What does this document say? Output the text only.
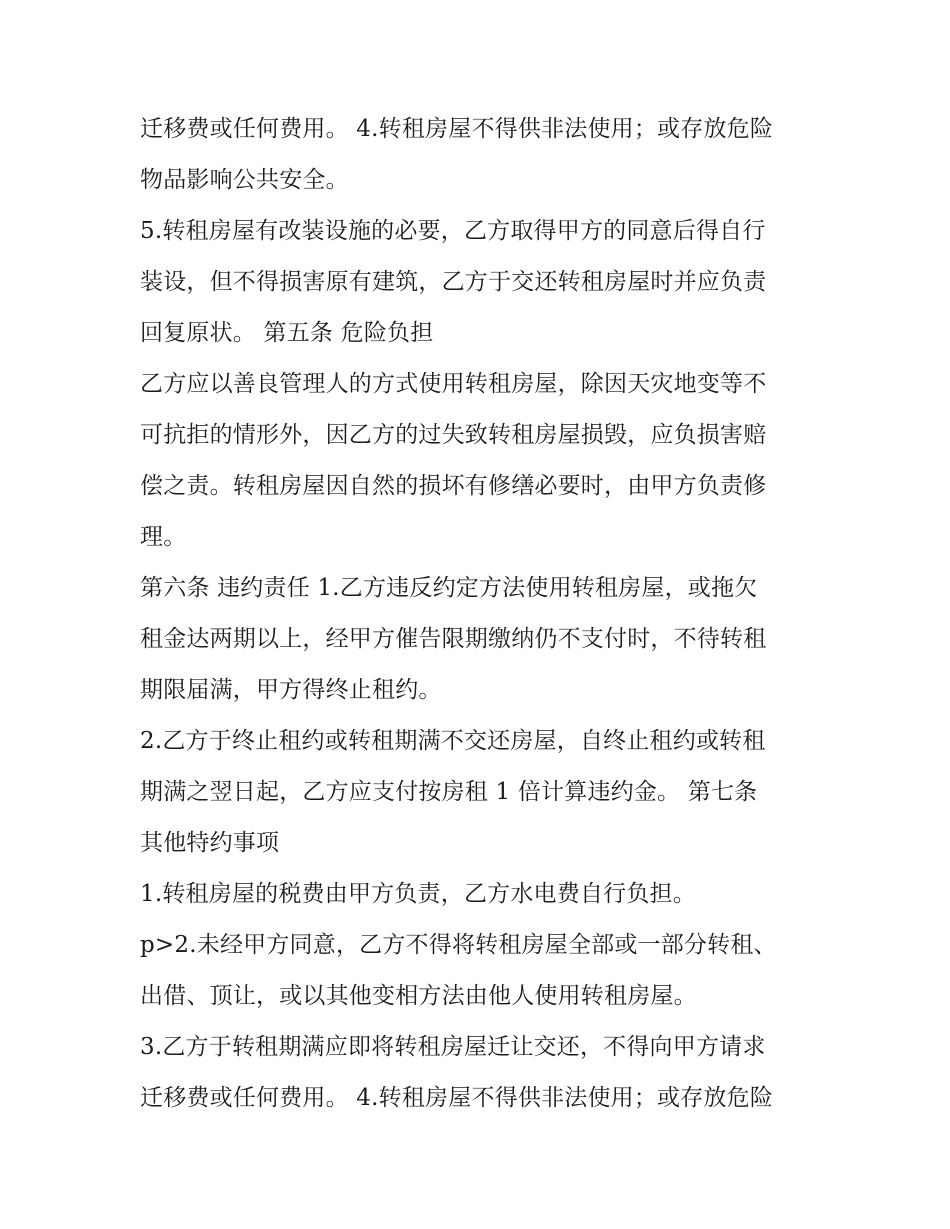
迁移费或任何费用。 4.转租房屋不得供非法使用；或存放危险
物品影响公共安全。

5.转租房屋有改装设施的必要，乙方取得甲方的同意后得自行
装设，但不得损害原有建筑，乙方于交还转租房屋时并应负责
回复原状。 第五条 危险负担

乙方应以善良管理人的方式使用转租房屋，除因天灾地变等不
可抗拒的情形外，因乙方的过失致转租房屋损毁，应负损害赔
偿之责。转租房屋因自然的损坏有修缮必要时，由甲方负责修
理。

第六条 违约责任 1.乙方违反约定方法使用转租房屋，或拖欠
租金达两期以上，经甲方催告限期缴纳仍不支付时，不待转租
期限届满，甲方得终止租约。

2.乙方于终止租约或转租期满不交还房屋，自终止租约或转租
期满之翌日起，乙方应支付按房租 1 倍计算违约金。 第七条
其他特约事项

1.转租房屋的税费由甲方负责，乙方水电费自行负担。

p>2.未经甲方同意，乙方不得将转租房屋全部或一部分转租、
出借、顶让，或以其他变相方法由他人使用转租房屋。

3.乙方于转租期满应即将转租房屋迁让交还，不得向甲方请求
迁移费或任何费用。 4.转租房屋不得供非法使用；或存放危险
